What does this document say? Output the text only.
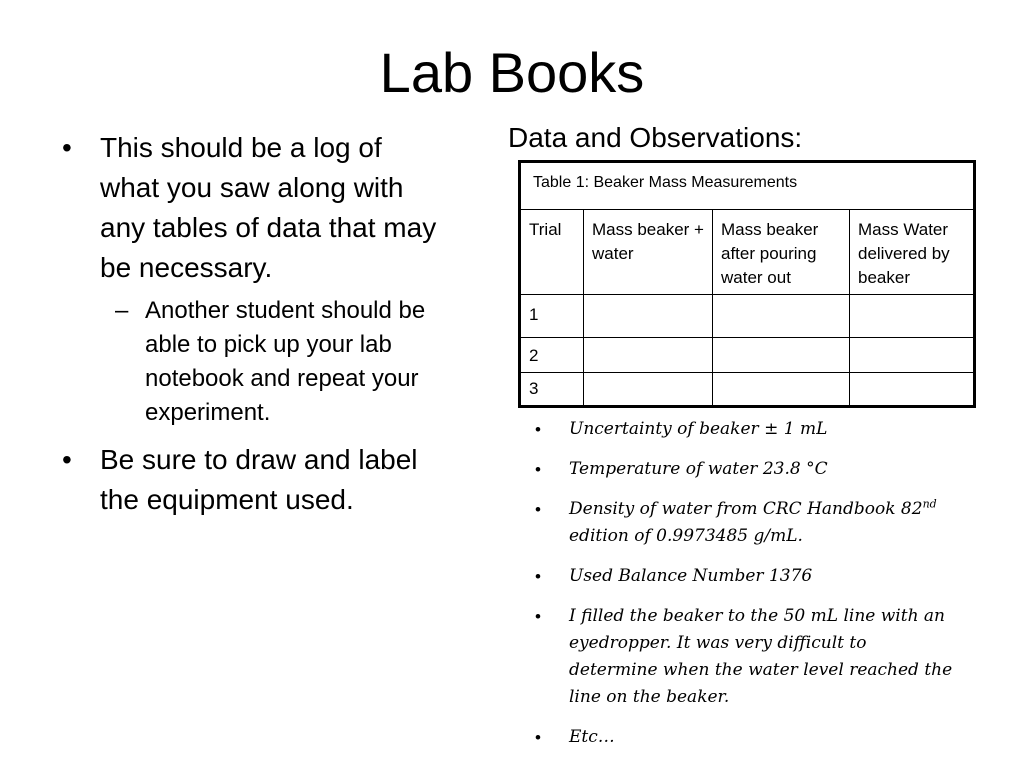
Lab Books
• This should be a log of what you saw along with any tables of data that may be necessary.
– Another student should be able to pick up your lab notebook and repeat your experiment.
• Be sure to draw and label the equipment used.
Data and Observations:
Table 1: Beaker Mass Measurements			
Trial	Mass beaker + water	Mass beaker after pouring water out	Mass Water delivered by beaker
1			
2			
3			
• Uncertainty of beaker ± 1 mL
• Temperature of water 23.8 °C
• Density of water from CRC Handbook 82nd edition of 0.9973485 g/mL.
• Used Balance Number 1376
• I filled the beaker to the 50 mL line with an eyedropper. It was very difficult to determine when the water level reached the line on the beaker.
• Etc…
